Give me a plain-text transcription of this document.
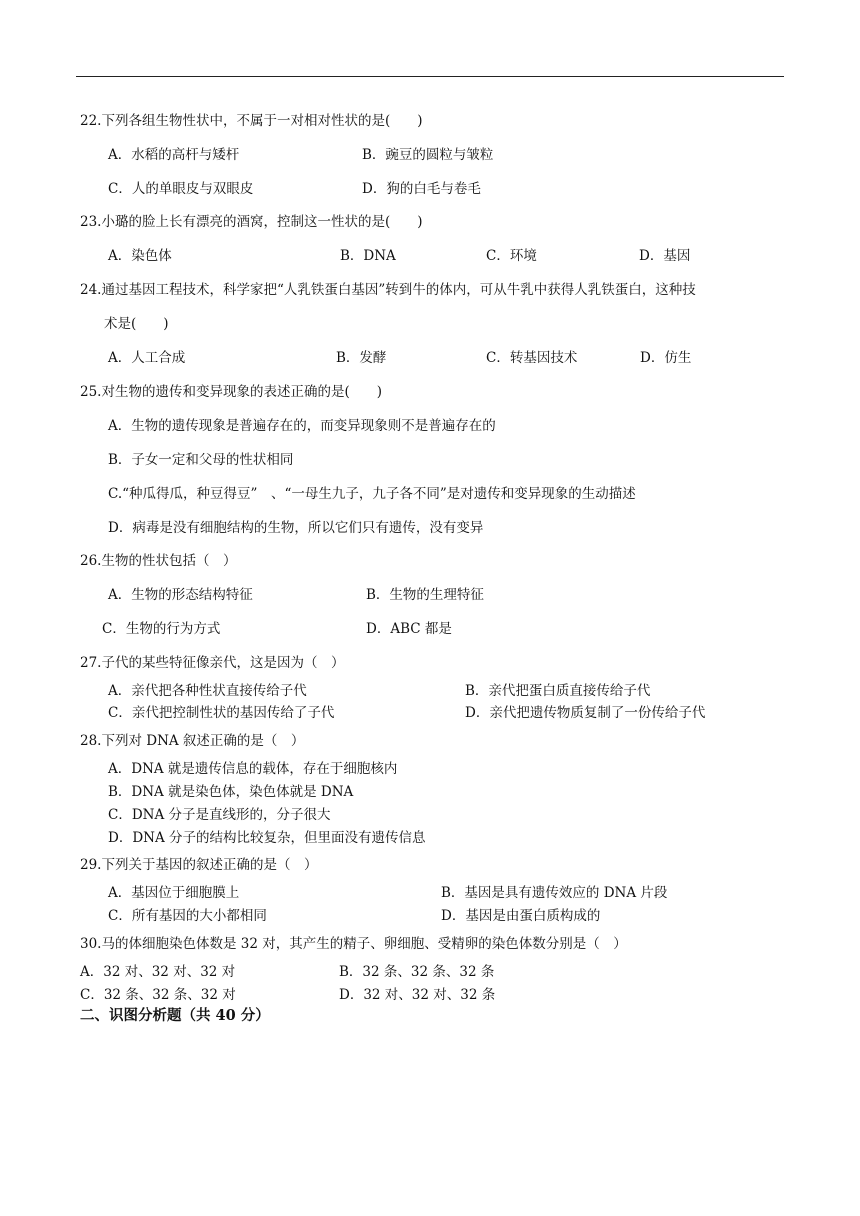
22.下列各组生物性状中，不属于一对相对性状的是(　　)
A．水稻的高杆与矮杆	B．豌豆的圆粒与皱粒
C．人的单眼皮与双眼皮	D．狗的白毛与卷毛
23.小璐的脸上长有漂亮的酒窝，控制这一性状的是(　　)
A．染色体	B．DNA	C．环境	D．基因
24.通过基因工程技术，科学家把“人乳铁蛋白基因”转到牛的体内，可从牛乳中获得人乳铁蛋白，这种技
术是(　　)
A．人工合成	B．发酵	C．转基因技术	D．仿生
25.对生物的遗传和变异现象的表述正确的是(　　)
A．生物的遗传现象是普遍存在的，而变异现象则不是普遍存在的
B．子女一定和父母的性状相同
C.“种瓜得瓜，种豆得豆”　、“一母生九子，九子各不同”是对遗传和变异现象的生动描述
D．病毒是没有细胞结构的生物，所以它们只有遗传，没有变异
26.生物的性状包括（　）
A．生物的形态结构特征	B．生物的生理特征
C．生物的行为方式	D．ABC 都是
27.子代的某些特征像亲代，这是因为（　）
A．亲代把各种性状直接传给子代	B．亲代把蛋白质直接传给子代
C．亲代把控制性状的基因传给了子代	D．亲代把遗传物质复制了一份传给子代
28.下列对 DNA 叙述正确的是（　）
A．DNA 就是遗传信息的载体，存在于细胞核内
B．DNA 就是染色体，染色体就是 DNA
C．DNA 分子是直线形的，分子很大
D．DNA 分子的结构比较复杂，但里面没有遗传信息
29.下列关于基因的叙述正确的是（　）
A．基因位于细胞膜上	B．基因是具有遗传效应的 DNA 片段
C．所有基因的大小都相同	D．基因是由蛋白质构成的
30.马的体细胞染色体数是 32 对，其产生的精子、卵细胞、受精卵的染色体数分别是（　）
A．32 对、32 对、32 对	B．32 条、32 条、32 条
C．32 条、32 条、32 对	D．32 对、32 对、32 条
二、识图分析题（共 40 分）
